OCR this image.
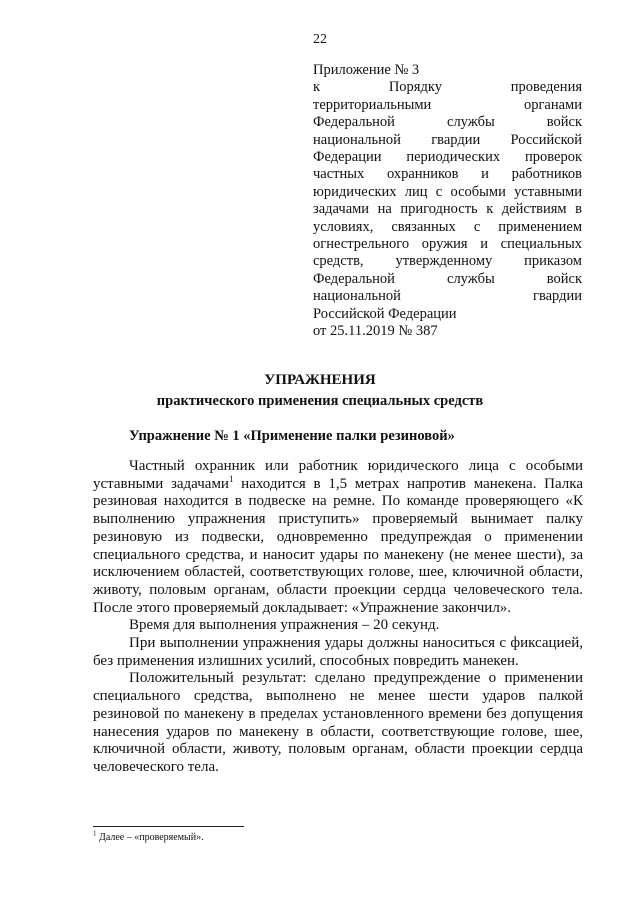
22
Приложение № 3
к Порядку проведения
территориальными органами
Федеральной службы войск
национальной гвардии Российской
Федерации периодических проверок
частных охранников и работников
юридических лиц с особыми уставными
задачами на пригодность к действиям в
условиях, связанных с применением
огнестрельного оружия и специальных
средств, утвержденному приказом
Федеральной службы войск
национальной гвардии
Российской Федерации
от 25.11.2019 № 387
УПРАЖНЕНИЯ
практического применения специальных средств
Упражнение № 1 «Применение палки резиновой»

Частный охранник или работник юридического лица с особыми уставными задачами$^1$ находится в 1,5 метрах напротив манекена. Палка резиновая находится в подвеске на ремне. По команде проверяющего «К выполнению упражнения приступить» проверяемый вынимает палку резиновую из подвески, одновременно предупреждая о применении специального средства, и наносит удары по манекену (не менее шести), за исключением областей, соответствующих голове, шее, ключичной области, животу, половым органам, области проекции сердца человеческого тела. После этого проверяемый докладывает: «Упражнение закончил».

Время для выполнения упражнения – 20 секунд.

При выполнении упражнения удары должны наноситься с фиксацией, без применения излишних усилий, способных повредить манекен.

Положительный результат: сделано предупреждение о применении специального средства, выполнено не менее шести ударов палкой резиновой по манекену в пределах установленного времени без допущения нанесения ударов по манекену в области, соответствующие голове, шее, ключичной области, животу, половым органам, области проекции сердца человеческого тела.

$^1$ Далее – «проверяемый».
